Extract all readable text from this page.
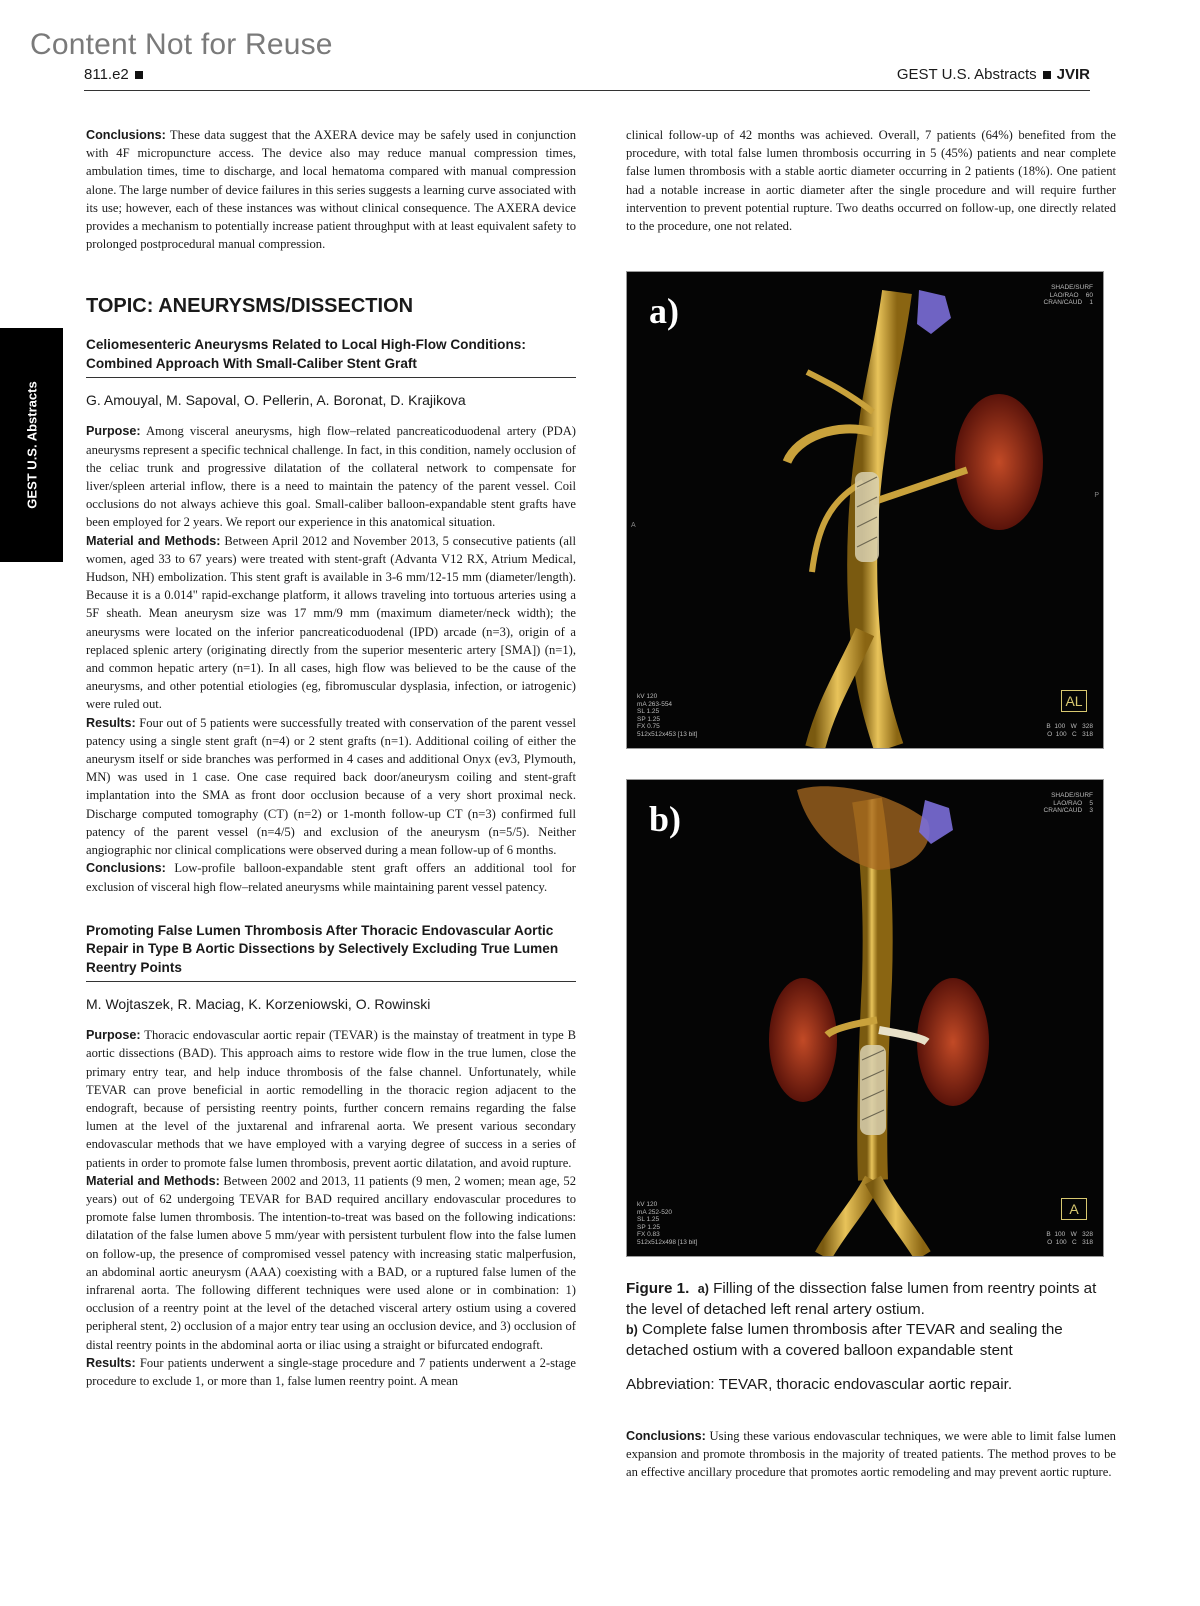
Content Not for Reuse
811.e2	GEST U.S. Abstracts JVIR
GEST U.S. Abstracts

Conclusions: These data suggest that the AXERA device may be safely used in conjunction with 4F micropuncture access. The device also may reduce manual compression times, ambulation times, time to discharge, and local hematoma compared with manual compression alone. The large number of device failures in this series suggests a learning curve associated with its use; however, each of these instances was without clinical consequence. The AXERA device provides a mechanism to potentially increase patient throughput with at least equivalent safety to prolonged postprocedural manual compression.

TOPIC: ANEURYSMS/DISSECTION
Celiomesenteric Aneurysms Related to Local High-Flow Conditions: Combined Approach With Small-Caliber Stent Graft
G. Amouyal, M. Sapoval, O. Pellerin, A. Boronat, D. Krajikova

Purpose: Among visceral aneurysms, high flow–related pancreaticoduodenal artery (PDA) aneurysms represent a specific technical challenge. In fact, in this condition, namely occlusion of the celiac trunk and progressive dilatation of the collateral network to compensate for liver/spleen arterial inflow, there is a need to maintain the patency of the parent vessel. Coil occlusions do not always achieve this goal. Small-caliber balloon-expandable stent grafts have been employed for 2 years. We report our experience in this anatomical situation.

Material and Methods: Between April 2012 and November 2013, 5 consecutive patients (all women, aged 33 to 67 years) were treated with stent-graft (Advanta V12 RX, Atrium Medical, Hudson, NH) embolization. This stent graft is available in 3-6 mm/12-15 mm (diameter/length). Because it is a 0.014" rapid-exchange platform, it allows traveling into tortuous arteries using a 5F sheath. Mean aneurysm size was 17 mm/9 mm (maximum diameter/neck width); the aneurysms were located on the inferior pancreaticoduodenal (IPD) arcade (n=3), origin of a replaced splenic artery (originating directly from the superior mesenteric artery [SMA]) (n=1), and common hepatic artery (n=1). In all cases, high flow was believed to be the cause of the aneurysms, and other potential etiologies (eg, fibromuscular dysplasia, infection, or iatrogenic) were ruled out.

Results: Four out of 5 patients were successfully treated with conservation of the parent vessel patency using a single stent graft (n=4) or 2 stent grafts (n=1). Additional coiling of either the aneurysm itself or side branches was performed in 4 cases and additional Onyx (ev3, Plymouth, MN) was used in 1 case. One case required back door/aneurysm coiling and stent-graft implantation into the SMA as front door occlusion because of a very short proximal neck. Discharge computed tomography (CT) (n=2) or 1-month follow-up CT (n=3) confirmed full patency of the parent vessel (n=4/5) and exclusion of the aneurysm (n=5/5). Neither angiographic nor clinical complications were observed during a mean follow-up of 6 months.

Conclusions: Low-profile balloon-expandable stent graft offers an additional tool for exclusion of visceral high flow–related aneurysms while maintaining parent vessel patency.

Promoting False Lumen Thrombosis After Thoracic Endovascular Aortic Repair in Type B Aortic Dissections by Selectively Excluding True Lumen Reentry Points
M. Wojtaszek, R. Maciag, K. Korzeniowski, O. Rowinski

Purpose: Thoracic endovascular aortic repair (TEVAR) is the mainstay of treatment in type B aortic dissections (BAD). This approach aims to restore wide flow in the true lumen, close the primary entry tear, and help induce thrombosis of the false channel. Unfortunately, while TEVAR can prove beneficial in aortic remodelling in the thoracic region adjacent to the endograft, because of persisting reentry points, further concern remains regarding the false lumen at the level of the juxtarenal and infrarenal aorta. We present various secondary endovascular methods that we have employed with a varying degree of success in a series of patients in order to promote false lumen thrombosis, prevent aortic dilatation, and avoid rupture.

Material and Methods: Between 2002 and 2013, 11 patients (9 men, 2 women; mean age, 52 years) out of 62 undergoing TEVAR for BAD required ancillary endovascular procedures to promote false lumen thrombosis. The intention-to-treat was based on the following indications: dilatation of the false lumen above 5 mm/year with persistent turbulent flow into the false lumen on follow-up, the presence of compromised vessel patency with increasing static malperfusion, an abdominal aortic aneurysm (AAA) coexisting with a BAD, or a ruptured false lumen of the infrarenal aorta. The following different techniques were used alone or in combination: 1) occlusion of a reentry point at the level of the detached visceral artery ostium using a covered peripheral stent, 2) occlusion of a major entry tear using an occlusion device, and 3) occlusion of distal reentry points in the abdominal aorta or iliac using a straight or bifurcated endograft.

Results: Four patients underwent a single-stage procedure and 7 patients underwent a 2-stage procedure to exclude 1, or more than 1, false lumen reentry point. A mean

clinical follow-up of 42 months was achieved. Overall, 7 patients (64%) benefited from the procedure, with total false lumen thrombosis occurring in 5 (45%) patients and near complete false lumen thrombosis with a stable aortic diameter occurring in 2 patients (18%). One patient had a notable increase in aortic diameter after the single procedure and will require further intervention to prevent potential rupture. Two deaths occurred on follow-up, one directly related to the procedure, one not related.

a)
SHADE/SURF
LAO/RAO    60
CRAN/CAUD    1
kV 120
mA 263-554
SL 1.25
SP 1.25
FX 0.75
512x512x453 [13 bit]
B  100   W   328
O  100   C   318
AL
A
P
b)
SHADE/SURF
LAO/RAO    5
CRAN/CAUD    3
kV 120
mA 252-520
SL 1.25
SP 1.25
FX 0.83
512x512x498 [13 bit]
B  100   W   328
O  100   C   318
A
Figure 1. a) Filling of the dissection false lumen from reentry points at the level of detached left renal artery ostium.
b) Complete false lumen thrombosis after TEVAR and sealing the detached ostium with a covered balloon expandable stent
Abbreviation: TEVAR, thoracic endovascular aortic repair.

Conclusions: Using these various endovascular techniques, we were able to limit false lumen expansion and promote thrombosis in the majority of treated patients. The method proves to be an effective ancillary procedure that promotes aortic remodeling and may prevent aortic rupture.
